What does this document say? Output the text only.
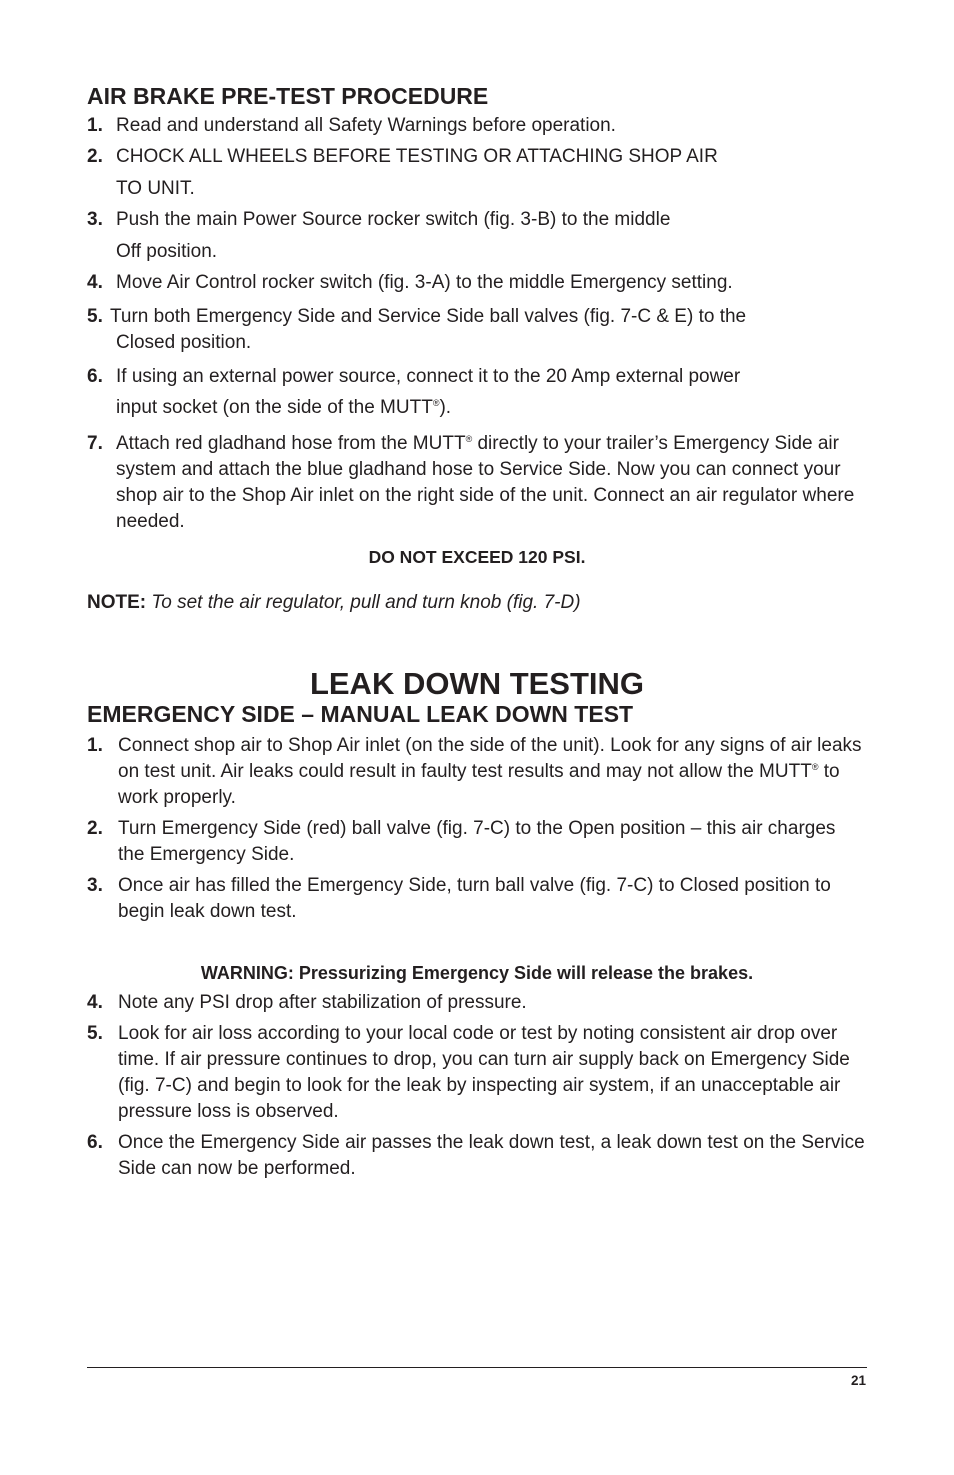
AIR BRAKE PRE-TEST PROCEDURE
1. Read and understand all Safety Warnings before operation.
2. CHOCK ALL WHEELS BEFORE TESTING OR ATTACHING SHOP AIR
TO UNIT.
3. Push the main Power Source rocker switch (fig. 3-B) to the middle
Off position.
4. Move Air Control rocker switch (fig. 3-A) to the middle Emergency setting.
5. Turn both Emergency Side and Service Side ball valves (fig. 7-C & E) to the
Closed position.
6. If using an external power source, connect it to the 20 Amp external power
input socket (on the side of the MUTT®).
7. Attach red gladhand hose from the MUTT® directly to your trailer’s Emergency Side air system and attach the blue gladhand hose to Service Side. Now you can connect your shop air to the Shop Air inlet on the right side of the unit. Connect an air regulator where needed.
DO NOT EXCEED 120 PSI.
NOTE: To set the air regulator, pull and turn knob (fig. 7-D)
LEAK DOWN TESTING
EMERGENCY SIDE – MANUAL LEAK DOWN TEST
1. Connect shop air to Shop Air inlet (on the side of the unit). Look for any signs of air leaks on test unit. Air leaks could result in faulty test results and may not allow the MUTT® to work properly.
2. Turn Emergency Side (red) ball valve (fig. 7-C) to the Open position – this air charges the Emergency Side.
3. Once air has filled the Emergency Side, turn ball valve (fig. 7-C) to Closed position to begin leak down test.
WARNING: Pressurizing Emergency Side will release the brakes.
4. Note any PSI drop after stabilization of pressure.
5. Look for air loss according to your local code or test by noting consistent air drop over time. If air pressure continues to drop, you can turn air supply back on Emergency Side (fig. 7-C) and begin to look for the leak by inspecting air system, if an unacceptable air pressure loss is observed.
6. Once the Emergency Side air passes the leak down test, a leak down test on the Service Side can now be performed.
21
